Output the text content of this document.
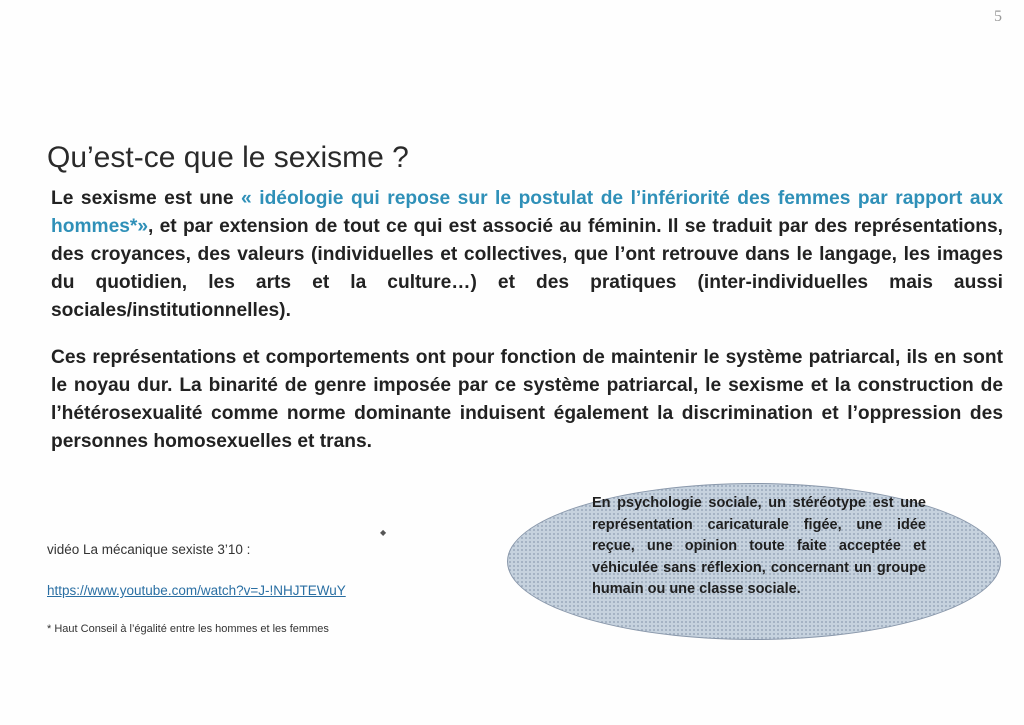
5
Qu’est-ce que le sexisme ?

Le sexisme est une « idéologie qui repose sur le postulat de l’infériorité des femmes par rapport aux hommes*», et par extension de tout ce qui est associé au féminin. Il se traduit par des représentations, des croyances, des valeurs (individuelles et collectives, que l’ont retrouve dans le langage, les images du quotidien, les arts et la culture…) et des pratiques (inter-individuelles mais aussi sociales/institutionnelles).

Ces représentations et comportements ont pour fonction de maintenir le système patriarcal, ils en sont le noyau dur. La binarité de genre imposée par ce système patriarcal, le sexisme et la construction de l’hétérosexualité comme norme dominante induisent également la discrimination et l’oppression des personnes homosexuelles et trans.

◆
vidéo La mécanique sexiste 3’10 :
https://www.youtube.com/watch?v=J-!NHJTEWuY
* Haut Conseil à l’égalité entre les hommes et les femmes

En psychologie sociale, un stéréotype est une représentation caricaturale figée, une idée reçue, une opinion toute faite acceptée et véhiculée sans réflexion, concernant un groupe humain ou une classe sociale.
